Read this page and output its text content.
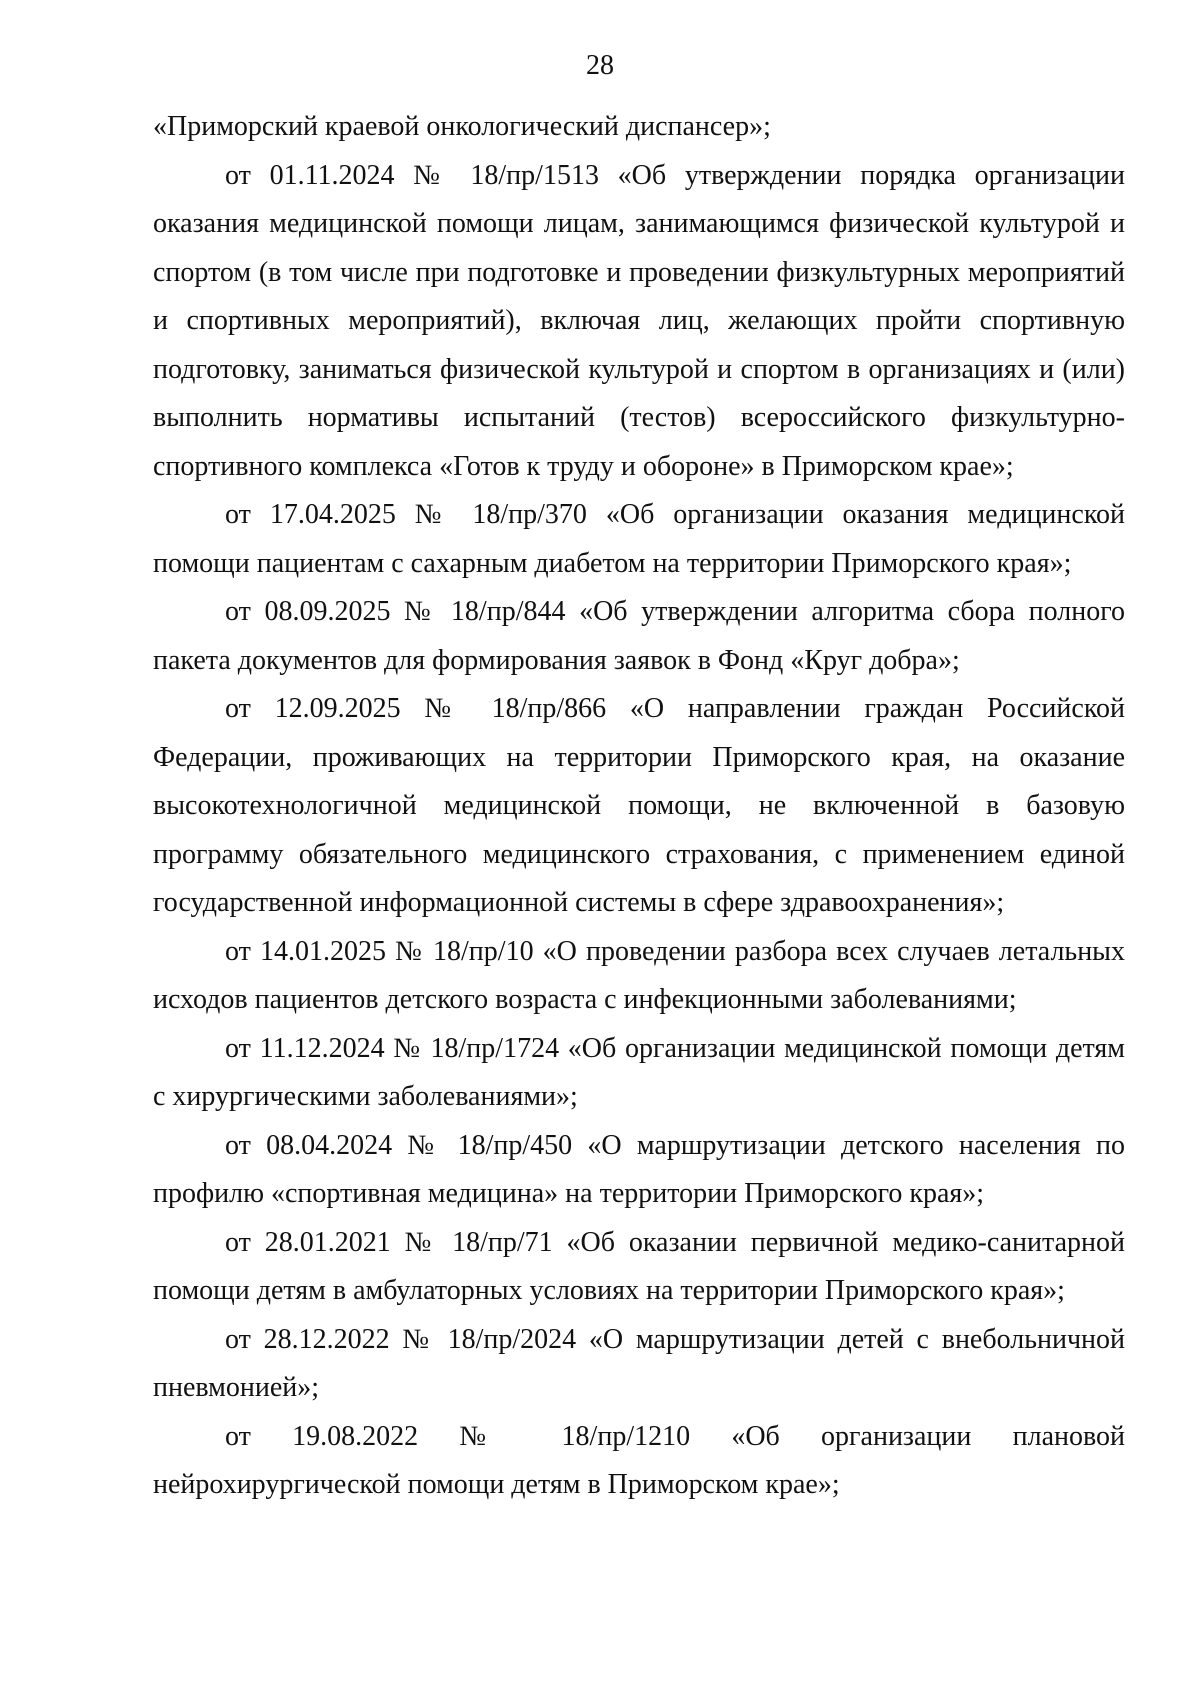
28

«Приморский краевой онкологический диспансер»;

от 01.11.2024 № 18/пр/1513 «Об утверждении порядка организации оказания медицинской помощи лицам, занимающимся физической культурой и спортом (в том числе при подготовке и проведении физкультурных мероприятий и спортивных мероприятий), включая лиц, желающих пройти спортивную подготовку, заниматься физической культурой и спортом в организациях и (или) выполнить нормативы испытаний (тестов) всероссийского физкультурно-спортивного комплекса «Готов к труду и обороне» в Приморском крае»;

от 17.04.2025 № 18/пр/370 «Об организации оказания медицинской помощи пациентам с сахарным диабетом на территории Приморского края»;

от 08.09.2025 № 18/пр/844 «Об утверждении алгоритма сбора полного пакета документов для формирования заявок в Фонд «Круг добра»;

от 12.09.2025 № 18/пр/866 «О направлении граждан Российской Федерации, проживающих на территории Приморского края, на оказание высокотехнологичной медицинской помощи, не включенной в базовую программу обязательного медицинского страхования, с применением единой государственной информационной системы в сфере здравоохранения»;

от 14.01.2025 № 18/пр/10 «О проведении разбора всех случаев летальных исходов пациентов детского возраста с инфекционными заболеваниями;

от 11.12.2024 № 18/пр/1724 «Об организации медицинской помощи детям с хирургическими заболеваниями»;

от 08.04.2024 № 18/пр/450 «О маршрутизации детского населения по профилю «спортивная медицина» на территории Приморского края»;

от 28.01.2021 № 18/пр/71 «Об оказании первичной медико-санитарной помощи детям в амбулаторных условиях на территории Приморского края»;

от 28.12.2022 № 18/пр/2024 «О маршрутизации детей с внебольничной пневмонией»;

от 19.08.2022 № 18/пр/1210 «Об организации плановой нейрохирургической помощи детям в Приморском крае»;
